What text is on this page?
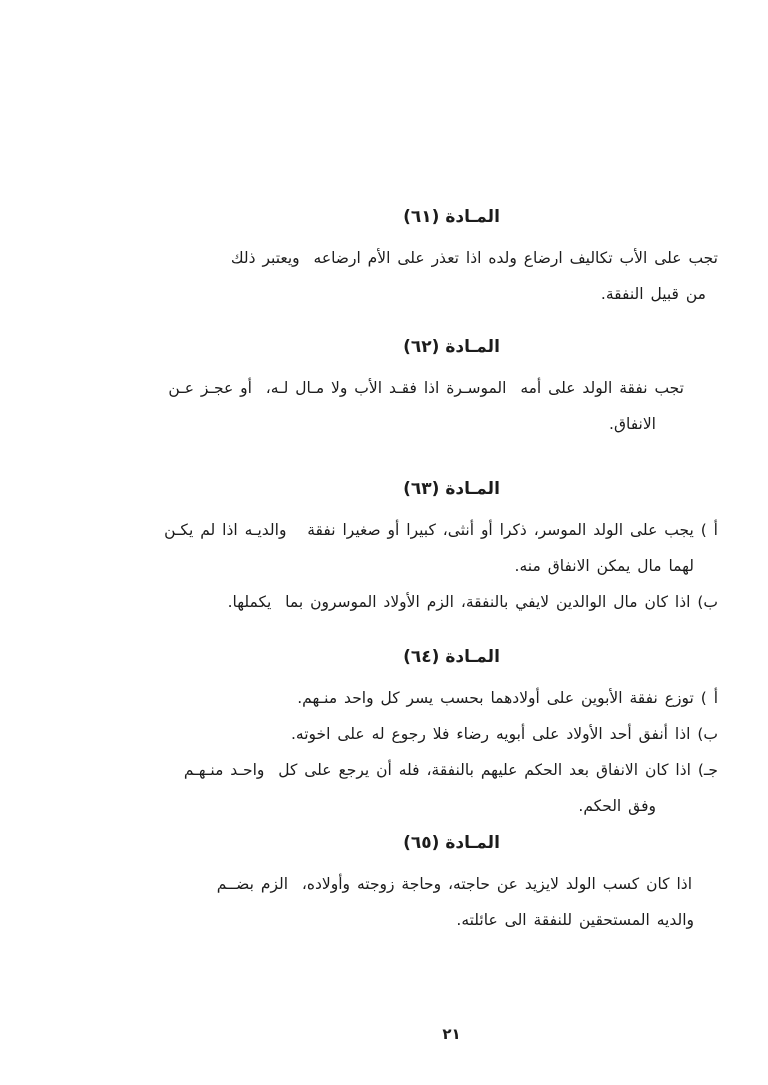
المـادة (٦١)
تجب على الأب تكاليف ارضاع ولده اذا تعذر على الأم ارضاعه  ويعتبر ذلك
من قبيل النفقة.
المـادة (٦٢)
تجب نفقة الولد على أمه  الموسـرة اذا فقـد الأب ولا مـال لـه،  أو عجـز عـن
الانفاق.
المـادة (٦٣)
أ ) يجب على الولد الموسر، ذكرا أو أنثى، كبيرا أو صغيرا نفقة   والديـه اذا لم يكـن
لهما مال يمكن الانفاق منه.
ب) اذا كان مال الوالدين لايفي بالنفقة، الزم الأولاد الموسرون بما  يكملها.
المـادة (٦٤)
أ ) توزع نفقة الأبوين على أولادهما بحسب يسر كل واحد منـهم.
ب) اذا أنفق أحد الأولاد على أبويه رضاء فلا رجوع له على اخوته.
جـ) اذا كان الانفاق بعد الحكم عليهم بالنفقة، فله أن يرجع على كل  واحـد منـهـم
وفق الحكم.
المـادة (٦٥)
اذا كان كسب الولد لايزيد عن حاجته، وحاجة زوجته وأولاده،  الزم بضــم
والديه المستحقين للنفقة الى عائلته.
٢١
